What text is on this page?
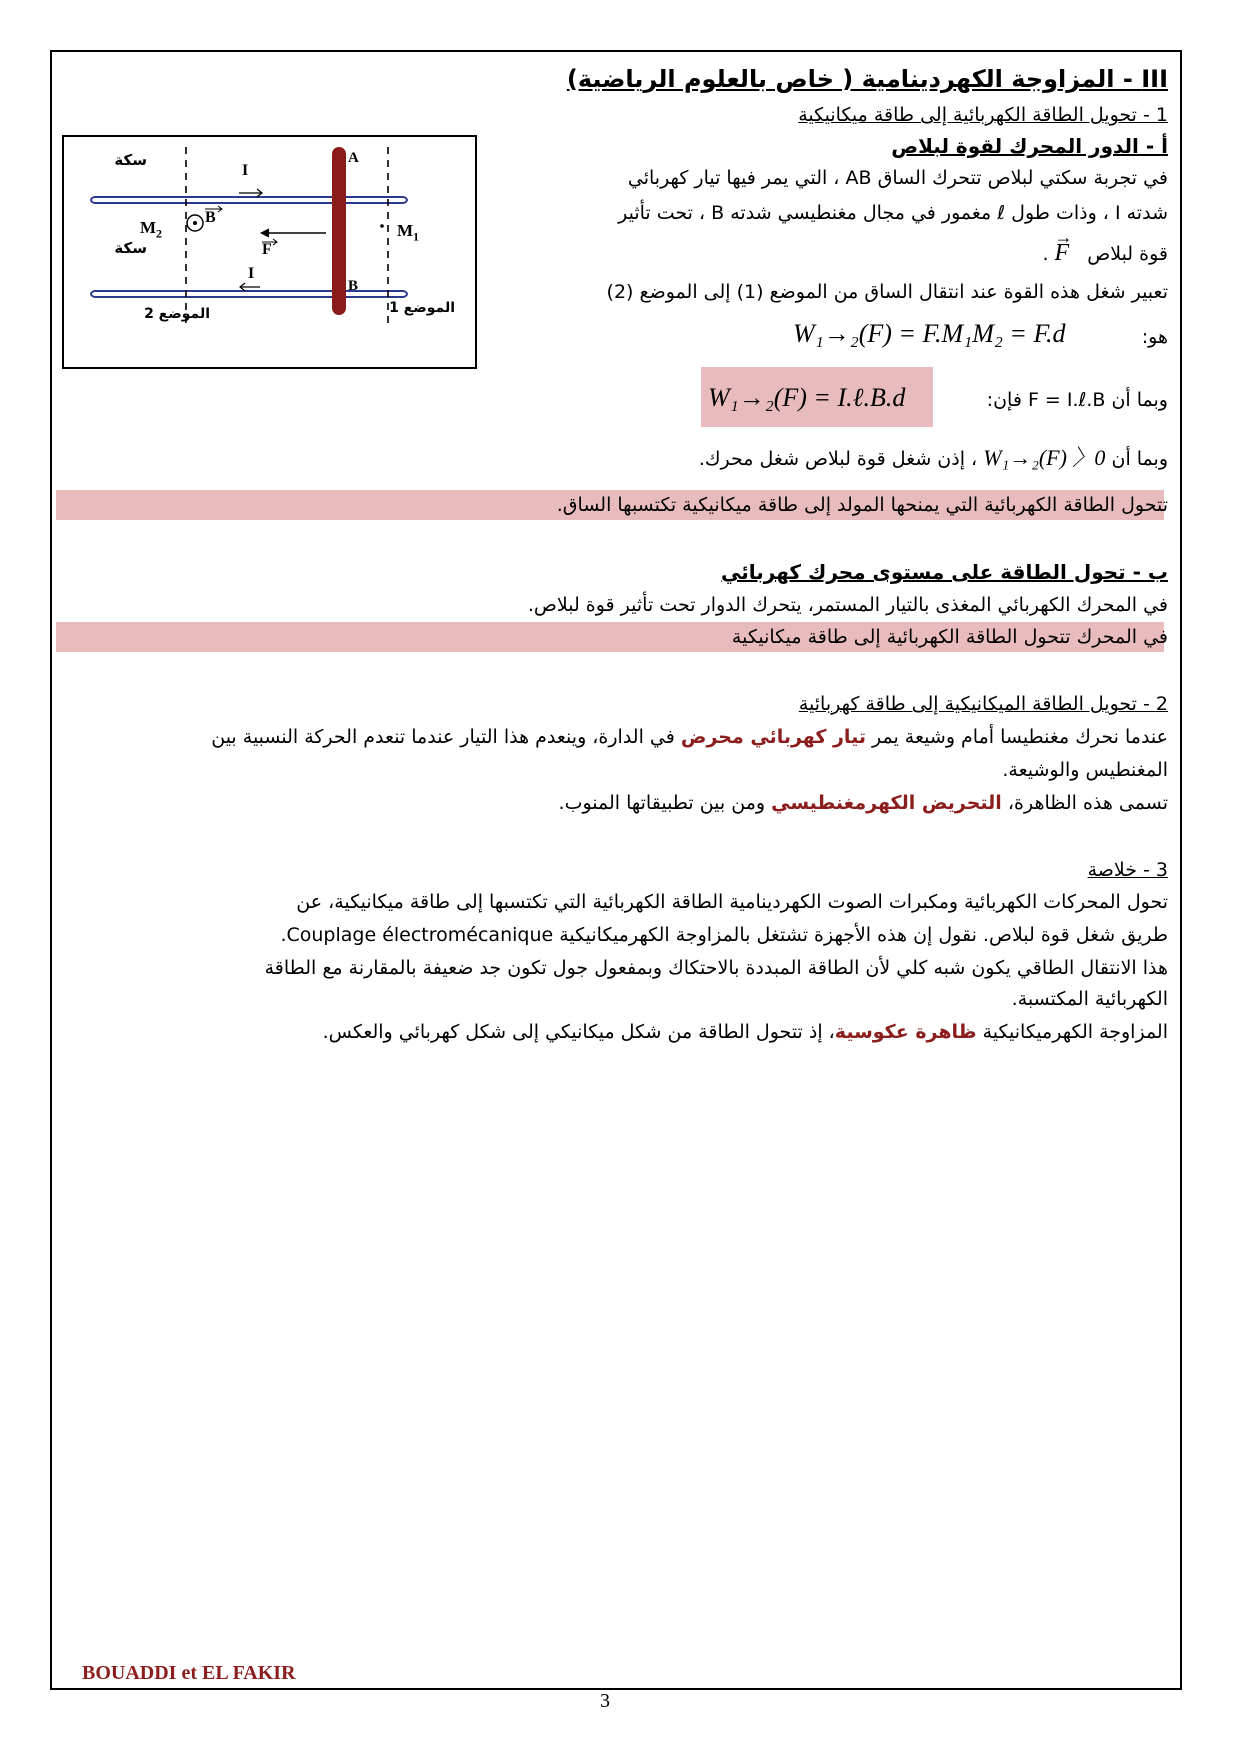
III - المزاوجة الكهردينامية ( خاص بالعلوم الرياضية)
1 - تحويل الطاقة الكهربائية إلى طاقة ميكانيكية
أ - الدور المحرك لقوة لبلاص
في تجربة سكتي لبلاص تتحرك الساق AB ، التي يمر فيها تيار كهربائي
شدته I ، وذات طول ℓ مغمور في مجال مغنطيسي شدته B ، تحت تأثير
قوة لبلاص
→
F .
تعبير شغل هذه القوة عند انتقال الساق من الموضع (1) إلى الموضع (2)
هو:
W₁→₂(F) = F.M₁M₂ = F.d
W₁→₂(F) = I.ℓ.B.d	وبما أن F = I.ℓ.B فإن:
وبما أن W₁→₂(F) 〉0 ، إذن شغل قوة لبلاص شغل محرك.
تتحول الطاقة الكهربائية التي يمنحها المولد إلى طاقة ميكانيكية تكتسبها الساق.
ب - تحول الطاقة على مستوى محرك كهربائي
في المحرك الكهربائي المغذى بالتيار المستمر، يتحرك الدوار تحت تأثير قوة لبلاص.
في المحرك تتحول الطاقة الكهربائية إلى طاقة ميكانيكية
2 - تحويل الطاقة الميكانيكية إلى طاقة كهربائية
عندما نحرك مغنطيسا أمام وشيعة يمر تيار كهربائي محرض في الدارة، وينعدم هذا التيار عندما تنعدم الحركة النسبية بين
المغنطيس والوشيعة.
تسمى هذه الظاهرة، التحريض الكهرمغنطيسي ومن بين تطبيقاتها المنوب.
3 - خلاصة
تحول المحركات الكهربائية ومكبرات الصوت الكهردينامية الطاقة الكهربائية التي تكتسبها إلى طاقة ميكانيكية، عن
طريق شغل قوة لبلاص. نقول إن هذه الأجهزة تشتغل بالمزاوجة الكهرميكانيكية Couplage électromécanique.
هذا الانتقال الطاقي يكون شبه كلي لأن الطاقة المبددة بالاحتكاك وبمفعول جول تكون جد ضعيفة بالمقارنة مع الطاقة
الكهربائية المكتسبة.
المزاوجة الكهرميكانيكية ظاهرة عكوسية، إذ تتحول الطاقة من شكل ميكانيكي إلى شكل كهربائي والعكس.
سكة
سكة
A
B
I
I
B
F
$M_2$	$M_1$
الموضع 1
الموضع 2
BOUADDI et EL FAKIR
3
